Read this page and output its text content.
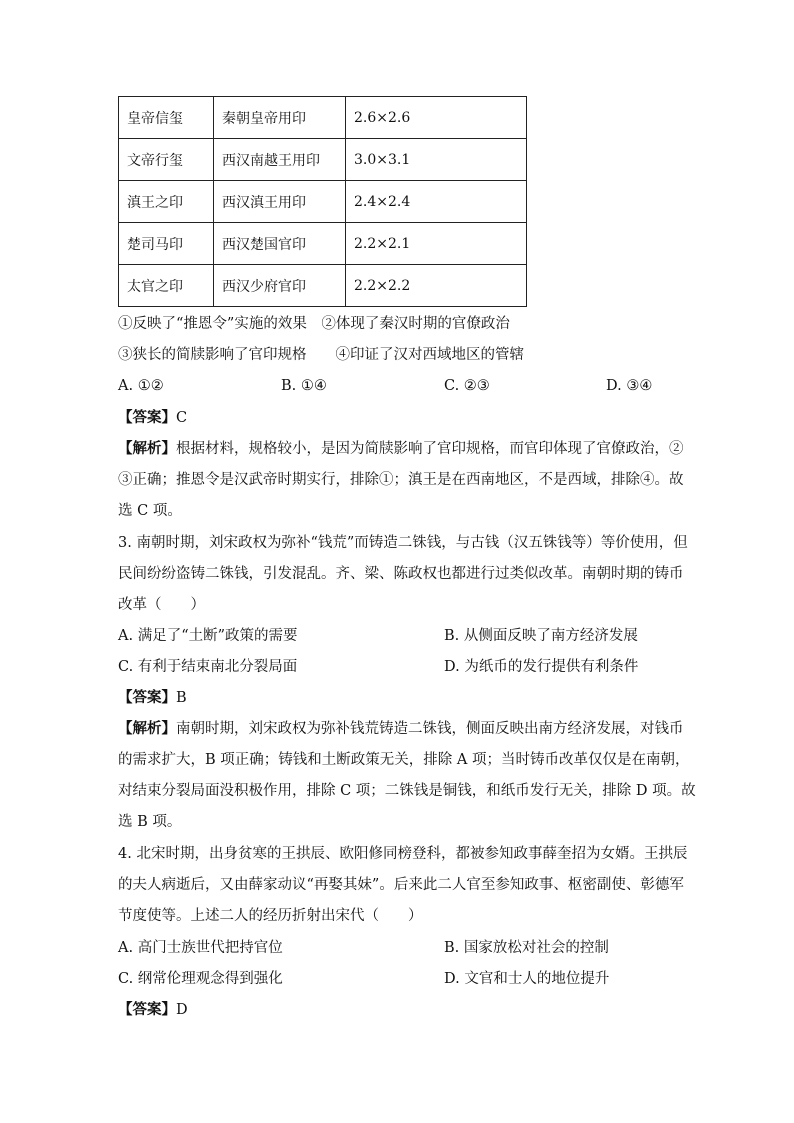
皇帝信玺	秦朝皇帝用印	2.6×2.6
文帝行玺	西汉南越王用印	3.0×3.1
滇王之印	西汉滇王用印	2.4×2.4
楚司马印	西汉楚国官印	2.2×2.1
太官之印	西汉少府官印	2.2×2.2
①反映了“推恩令”实施的效果　②体现了秦汉时期的官僚政治
③狭长的简牍影响了官印规格　　④印证了汉对西域地区的管辖
A. ①②	B. ①④	C. ②③	D. ③④
【答案】C
【解析】根据材料，规格较小，是因为简牍影响了官印规格，而官印体现了官僚政治，②
③正确；推恩令是汉武帝时期实行，排除①；滇王是在西南地区，不是西域，排除④。故
选 C 项。
3. 南朝时期，刘宋政权为弥补“钱荒”而铸造二铢钱，与古钱（汉五铢钱等）等价使用，但
民间纷纷盗铸二铢钱，引发混乱。齐、梁、陈政权也都进行过类似改革。南朝时期的铸币
改革（　　）
A. 满足了“土断”政策的需要	B. 从侧面反映了南方经济发展
C. 有利于结束南北分裂局面	D. 为纸币的发行提供有利条件
【答案】B
【解析】南朝时期，刘宋政权为弥补钱荒铸造二铢钱，侧面反映出南方经济发展，对钱币
的需求扩大，B 项正确；铸钱和土断政策无关，排除 A 项；当时铸币改革仅仅是在南朝，
对结束分裂局面没积极作用，排除 C 项；二铢钱是铜钱，和纸币发行无关，排除 D 项。故
选 B 项。
4. 北宋时期，出身贫寒的王拱辰、欧阳修同榜登科，都被参知政事薛奎招为女婿。王拱辰
的夫人病逝后，又由薛家动议“再娶其妹”。后来此二人官至参知政事、枢密副使、彰德军
节度使等。上述二人的经历折射出宋代（　　）
A. 高门士族世代把持官位	B. 国家放松对社会的控制
C. 纲常伦理观念得到强化	D. 文官和士人的地位提升
【答案】D
